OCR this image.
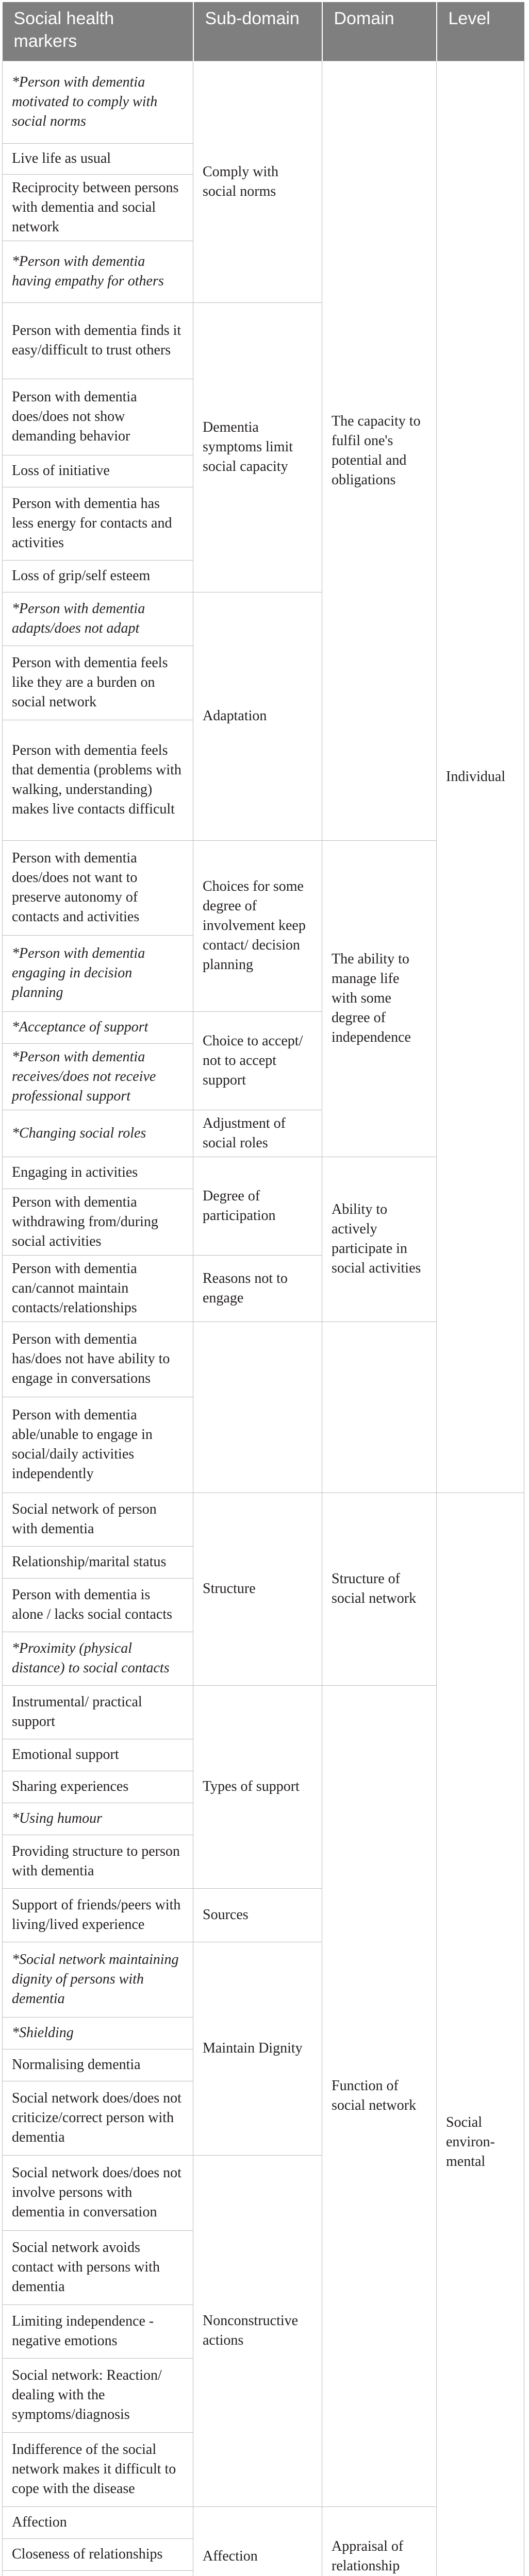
Social health markers	Sub-domain	Domain	Level
*Person with dementia motivated to comply with social norms	Comply with social norms	The capacity to fulfil one's potential and obligations	Individual
Live life as usual			
Reciprocity between persons with dementia and social network			
*Person with dementia having empathy for others			
Person with dementia finds it easy/difficult to trust others	Dementia symptoms limit social capacity		
Person with dementia does/does not show demanding behavior			
Loss of initiative			
Person with dementia has less energy for contacts and activities			
Loss of grip/self esteem			
*Person with dementia adapts/does not adapt	Adaptation		
Person with dementia feels like they are a burden on social network			
Person with dementia feels that dementia (problems with walking, understanding) makes live contacts difficult			
Person with dementia does/does not want to preserve autonomy of contacts and activities	Choices for some degree of involvement keep contact/ decision planning	The ability to manage life with some degree of independence	
*Person with dementia engaging in decision planning			
*Acceptance of support	Choice to accept/ not to accept support		
*Person with dementia receives/does not receive professional support			
*Changing social roles	Adjustment of social roles		
Engaging in activities	Degree of participation	Ability to actively participate in social activities	
Person with dementia withdrawing from/during social activities			
Person with dementia can/cannot maintain contacts/relationships	Reasons not to engage		
Person with dementia has/does not have ability to engage in conversations			
Person with dementia able/unable to engage in social/daily activities independently			
Social network of person with dementia	Structure	Structure of social network	Social environ- mental
Relationship/marital status			
Person with dementia is alone / lacks social contacts			
*Proximity (physical distance) to social contacts			
Instrumental/ practical support	Types of support	Function of social network	
Emotional support			
Sharing experiences			
*Using humour			
Providing structure to person with dementia			
Support of friends/peers with living/lived experience	Sources		
*Social network maintaining dignity of persons with dementia	Maintain Dignity		
*Shielding			
Normalising dementia			
Social network does/does not criticize/correct person with dementia			
Social network does/does not involve persons with dementia in conversation	Nonconstructive actions		
Social network avoids contact with persons with dementia			
Limiting independence - negative emotions			
Social network: Reaction/ dealing with the symptoms/diagnosis			
Indifference of the social network makes it difficult to cope with the disease			
Affection	Affection	Appraisal of relationship	
Closeness of relationships			
